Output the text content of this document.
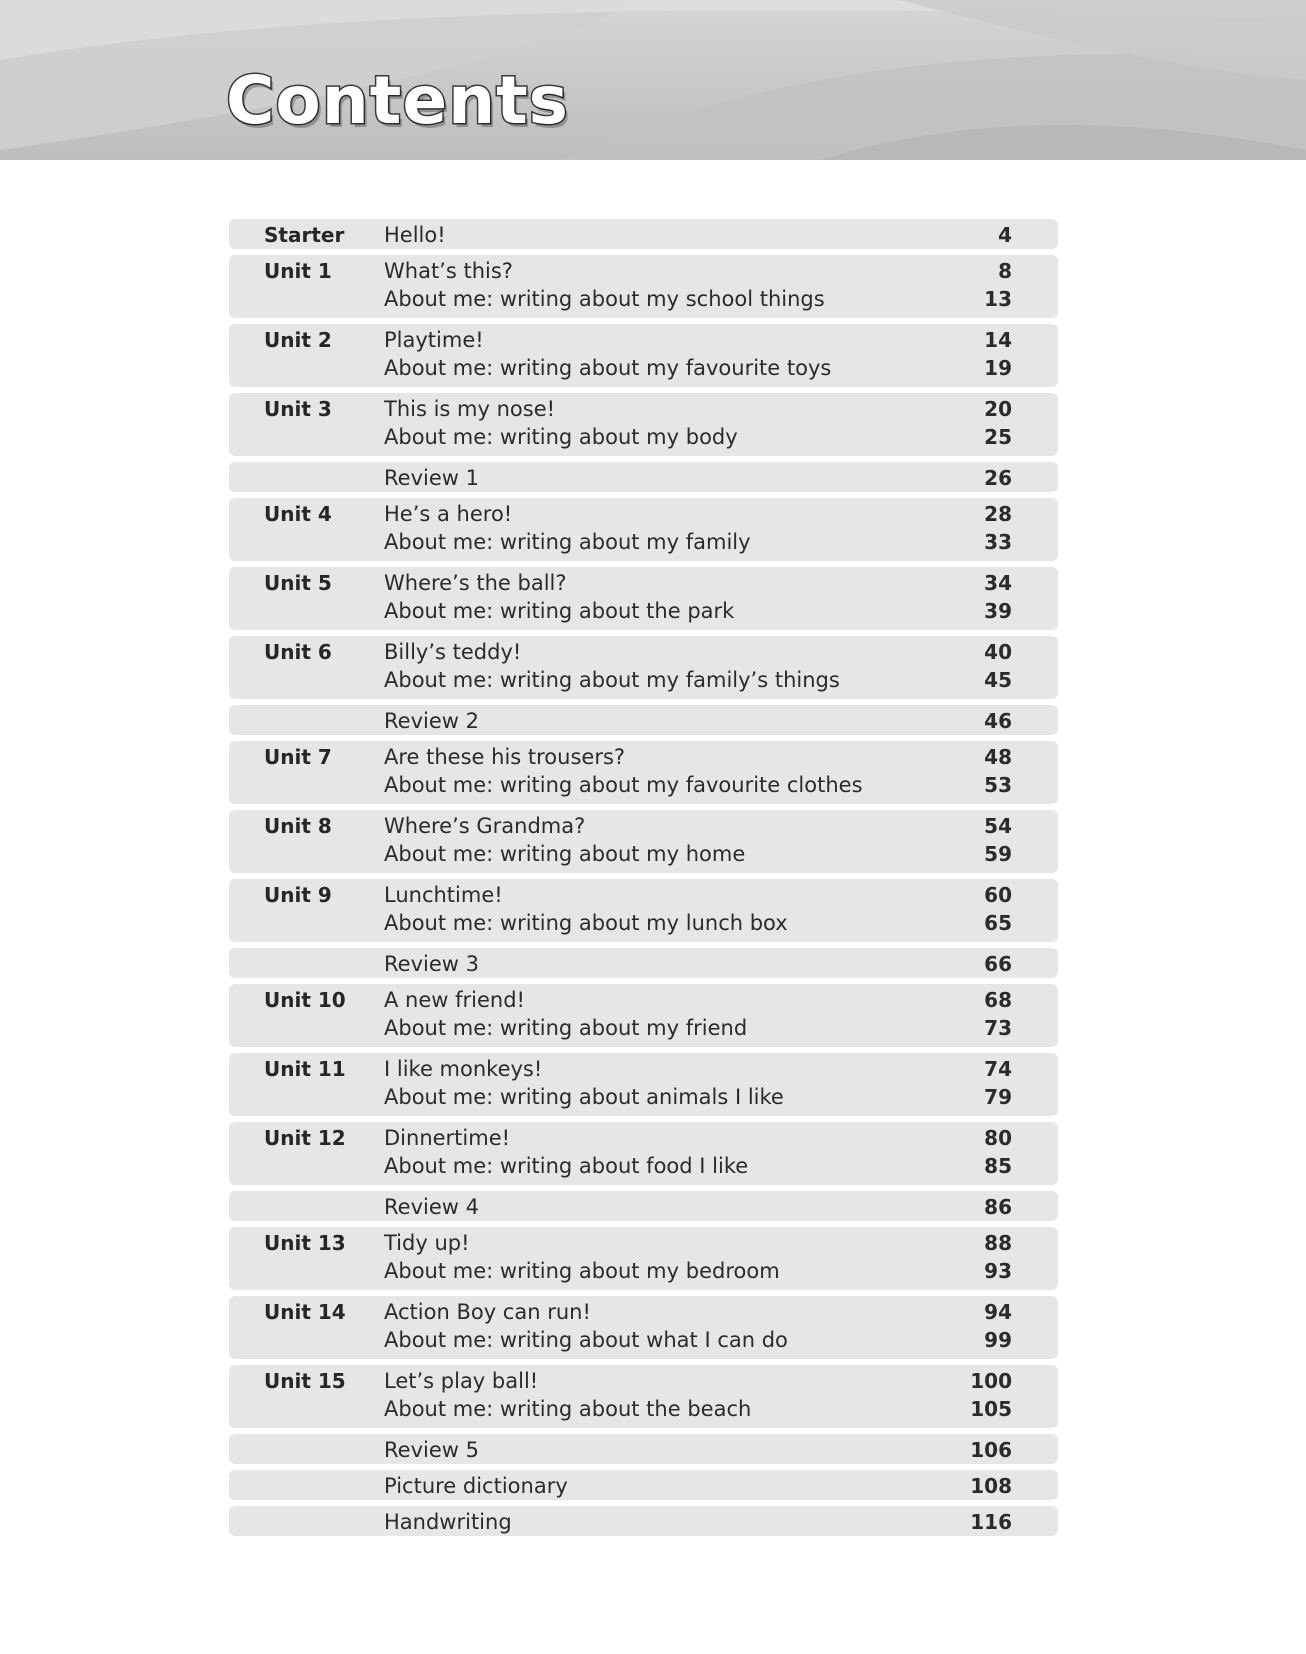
Contents
Starter Hello!	4
Unit 1 What’s this?	8
About me: writing about my school things	13
Unit 2 Playtime!	14
About me: writing about my favourite toys	19
Unit 3 This is my nose!	20
About me: writing about my body	25
Review 1	26
Unit 4 He’s a hero!	28
About me: writing about my family	33
Unit 5 Where’s the ball?	34
About me: writing about the park	39
Unit 6 Billy’s teddy!	40
About me: writing about my family’s things	45
Review 2	46
Unit 7 Are these his trousers?	48
About me: writing about my favourite clothes	53
Unit 8 Where’s Grandma?	54
About me: writing about my home	59
Unit 9 Lunchtime!	60
About me: writing about my lunch box	65
Review 3	66
Unit 10 A new friend!	68
About me: writing about my friend	73
Unit 11 I like monkeys!	74
About me: writing about animals I like	79
Unit 12 Dinnertime!	80
About me: writing about food I like	85
Review 4	86
Unit 13 Tidy up!	88
About me: writing about my bedroom	93
Unit 14 Action Boy can run!	94
About me: writing about what I can do	99
Unit 15 Let’s play ball!	100
About me: writing about the beach	105
Review 5	106
Picture dictionary	108
Handwriting	116
